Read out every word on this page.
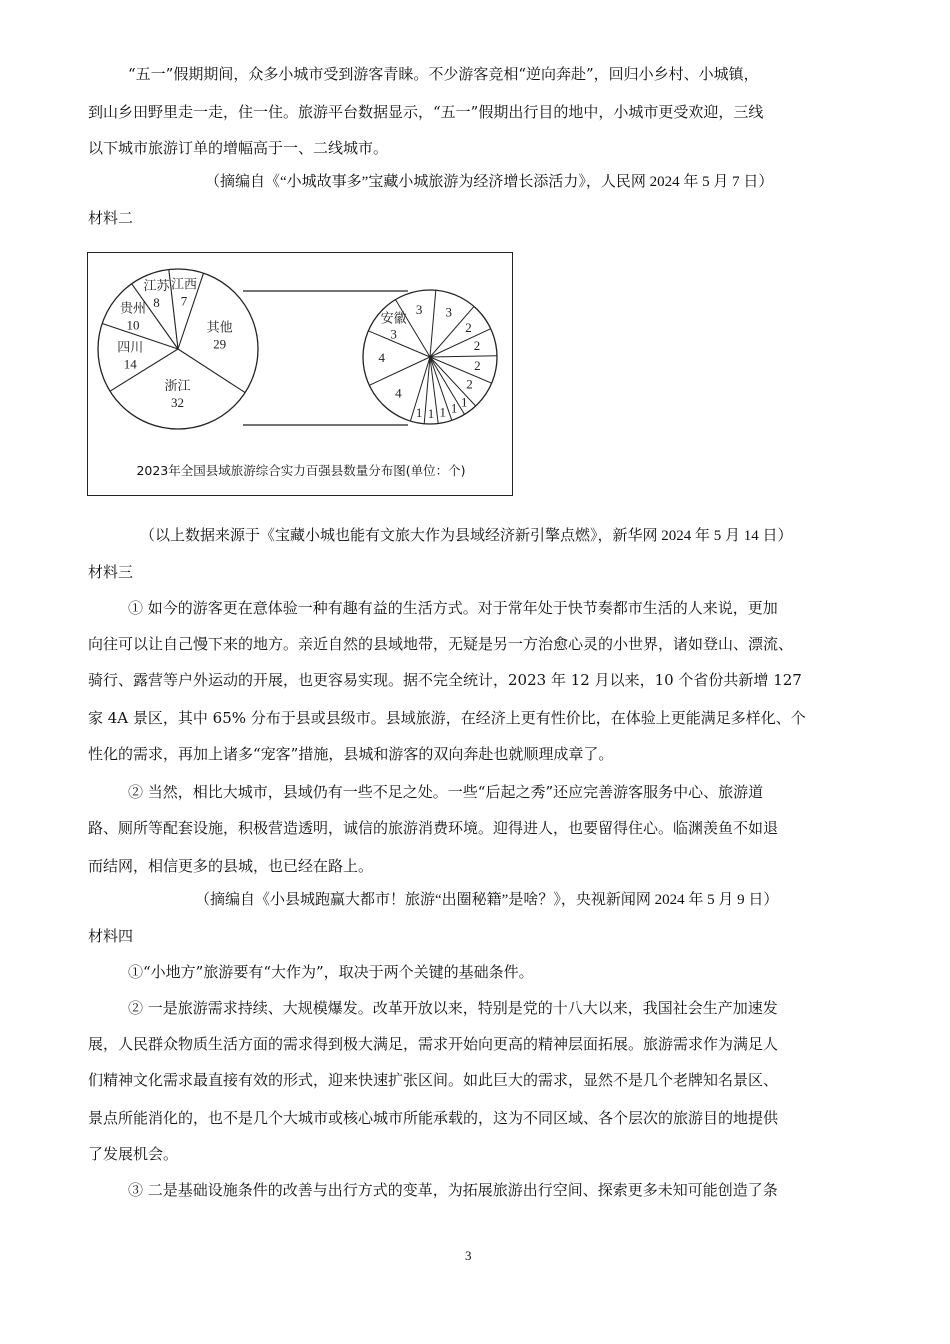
“五一”假期期间，众多小城市受到游客青睐。不少游客竞相“逆向奔赴”，回归小乡村、小城镇，
到山乡田野里走一走，住一住。旅游平台数据显示，“五一”假期出行目的地中，小城市更受欢迎，三线
以下城市旅游订单的增幅高于一、二线城市。
（摘编自《“小城故事多”宝藏小城旅游为经济增长添活力》，人民网 2024 年 5 月 7 日）
材料二
浙江
32
四川
14
贵州
10
江苏
8
江西
7
其他
29
3
2
2
2
2
1
1
1
1
1
4
4
安徽
3
3
2023年全国县域旅游综合实力百强县数量分布图(单位：个)
（以上数据来源于《宝藏小城也能有文旅大作为县域经济新引擎点燃》，新华网 2024 年 5 月 14 日）
材料三
① 如今的游客更在意体验一种有趣有益的生活方式。对于常年处于快节奏都市生活的人来说，更加
向往可以让自己慢下来的地方。亲近自然的县域地带，无疑是另一方治愈心灵的小世界，诸如登山、漂流、
骑行、露营等户外运动的开展，也更容易实现。据不完全统计，2023 年 12 月以来，10 个省份共新增 127
家 4A 景区，其中 65% 分布于县或县级市。县域旅游，在经济上更有性价比，在体验上更能满足多样化、个
性化的需求，再加上诸多“宠客”措施，县城和游客的双向奔赴也就顺理成章了。
② 当然，相比大城市，县域仍有一些不足之处。一些“后起之秀”还应完善游客服务中心、旅游道
路、厕所等配套设施，积极营造透明，诚信的旅游消费环境。迎得进人，也要留得住心。临渊羡鱼不如退
而结网，相信更多的县城，也已经在路上。
（摘编自《小县城跑赢大都市！旅游“出圈秘籍”是啥？》，央视新闻网 2024 年 5 月 9 日）
材料四
①“小地方”旅游要有“大作为”，取决于两个关键的基础条件。
② 一是旅游需求持续、大规模爆发。改革开放以来，特别是党的十八大以来，我国社会生产加速发
展，人民群众物质生活方面的需求得到极大满足，需求开始向更高的精神层面拓展。旅游需求作为满足人
们精神文化需求最直接有效的形式，迎来快速扩张区间。如此巨大的需求，显然不是几个老牌知名景区、
景点所能消化的，也不是几个大城市或核心城市所能承载的，这为不同区域、各个层次的旅游目的地提供
了发展机会。
③ 二是基础设施条件的改善与出行方式的变革，为拓展旅游出行空间、探索更多未知可能创造了条
3
